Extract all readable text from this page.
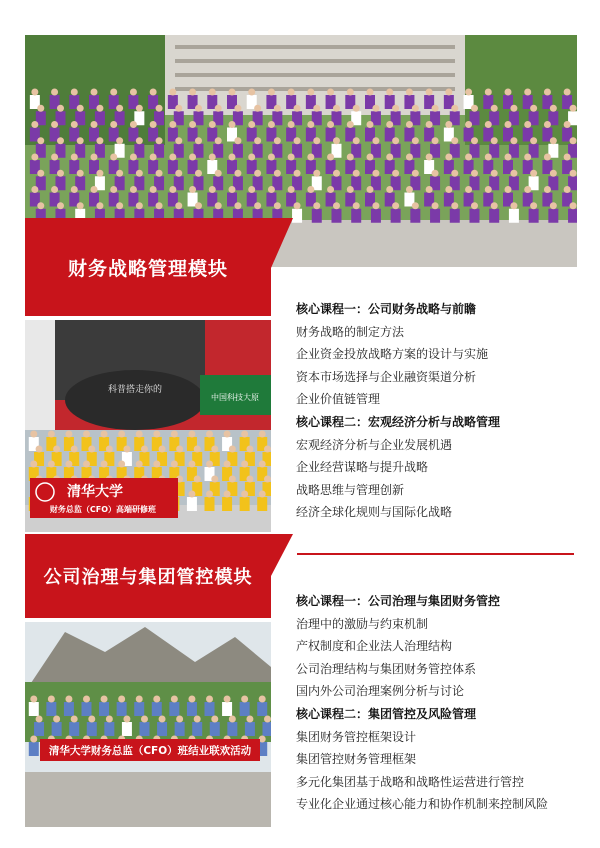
财务战略管理模块
科普搭走你的
中国科技大原
清华大学
财务总监（CFO）高端研修班
公司治理与集团管控模块
清华大学财务总监（CFO）班结业联欢活动
核心课程一：公司财务战略与前瞻
财务战略的制定方法
企业资金投放战略方案的设计与实施
资本市场选择与企业融资渠道分析
企业价值链管理
核心课程二：宏观经济分析与战略管理
宏观经济分析与企业发展机遇
企业经营谋略与提升战略
战略思维与管理创新
经济全球化规则与国际化战略
核心课程一：公司治理与集团财务管控
治理中的激励与约束机制
产权制度和企业法人治理结构
公司治理结构与集团财务管控体系
国内外公司治理案例分析与讨论
核心课程二：集团管控及风险管理
集团财务管控框架设计
集团管控财务管理框架
多元化集团基于战略和战略性运营进行管控
专业化企业通过核心能力和协作机制来控制风险
